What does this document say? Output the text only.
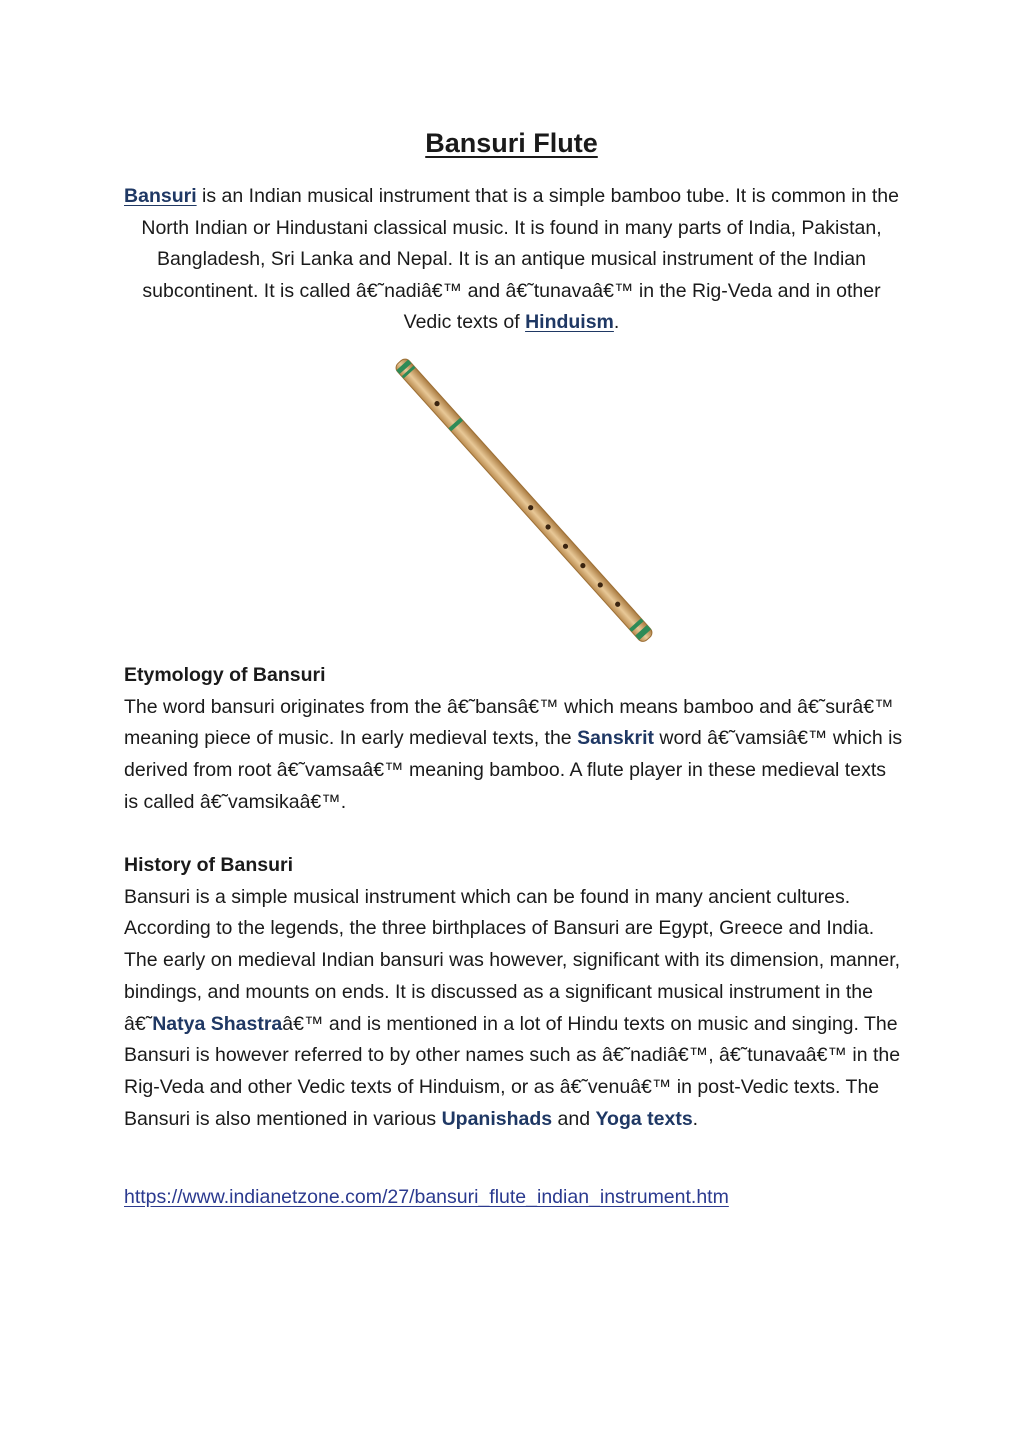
Bansuri Flute
Bansuri is an Indian musical instrument that is a simple bamboo tube. It is common in the North Indian or Hindustani classical music. It is found in many parts of India, Pakistan, Bangladesh, Sri Lanka and Nepal. It is an antique musical instrument of the Indian subcontinent. It is called â€˜nadiâ€™ and â€˜tunavaâ€™ in the Rig-Veda and in other Vedic texts of Hinduism.
Etymology of Bansuri

The word bansuri originates from the â€˜bansâ€™ which means bamboo and â€˜surâ€™ meaning piece of music. In early medieval texts, the Sanskrit word â€˜vamsiâ€™ which is derived from root â€˜vamsaâ€™ meaning bamboo. A flute player in these medieval texts is called â€˜vamsikaâ€™.

History of Bansuri

Bansuri is a simple musical instrument which can be found in many ancient cultures. According to the legends, the three birthplaces of Bansuri are Egypt, Greece and India. The early on medieval Indian bansuri was however, significant with its dimension, manner, bindings, and mounts on ends. It is discussed as a significant musical instrument in the â€˜Natya Shastraâ€™ and is mentioned in a lot of Hindu texts on music and singing. The Bansuri is however referred to by other names such as â€˜nadiâ€™, â€˜tunavaâ€™ in the Rig-Veda and other Vedic texts of Hinduism, or as â€˜venuâ€™ in post-Vedic texts. The Bansuri is also mentioned in various Upanishads and Yoga texts.

https://www.indianetzone.com/27/bansuri_flute_indian_instrument.htm
